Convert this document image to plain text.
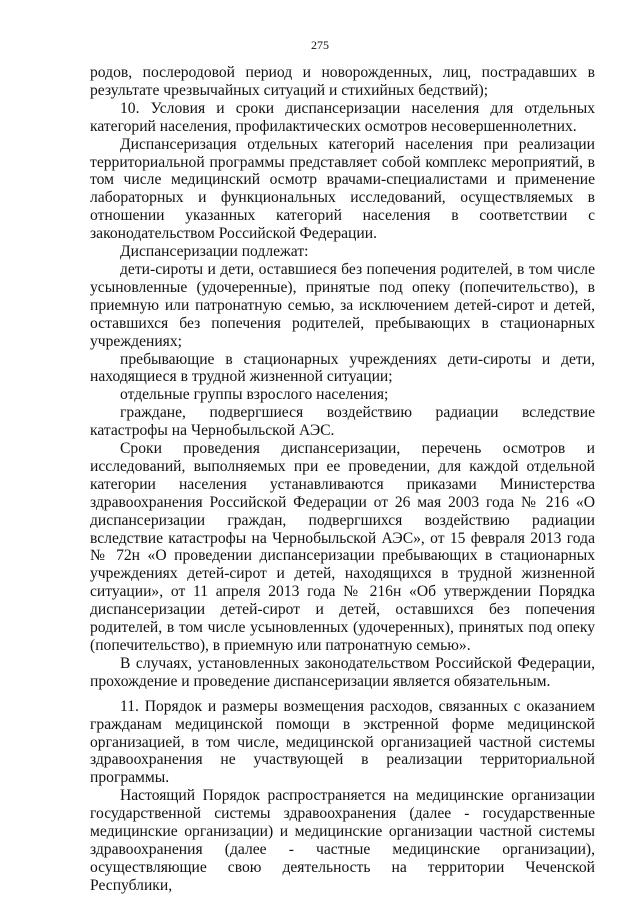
275

родов, послеродовой период и новорожденных, лиц, пострадавших в результате чрезвычайных ситуаций и стихийных бедствий);

10. Условия и сроки диспансеризации населения для отдельных категорий населения, профилактических осмотров несовершеннолетних.

Диспансеризация отдельных категорий населения при реализации территориальной программы представляет собой комплекс мероприятий, в том числе медицинский осмотр врачами-специалистами и применение лабораторных и функциональных исследований, осуществляемых в отношении указанных категорий населения в соответствии с законодательством Российской Федерации.

Диспансеризации подлежат:

дети-сироты и дети, оставшиеся без попечения родителей, в том числе усыновленные (удочеренные), принятые под опеку (попечительство), в приемную или патронатную семью, за исключением детей-сирот и детей, оставшихся без попечения родителей, пребывающих в стационарных учреждениях;

пребывающие в стационарных учреждениях дети-сироты и дети, находящиеся в трудной жизненной ситуации;

отдельные группы взрослого населения;

граждане, подвергшиеся воздействию радиации вследствие катастрофы на Чернобыльской АЭС.

Сроки проведения диспансеризации, перечень осмотров и исследований, выполняемых при ее проведении, для каждой отдельной категории населения устанавливаются приказами Министерства здравоохранения Российской Федерации от 26 мая 2003 года № 216 «О диспансеризации граждан, подвергшихся воздействию радиации вследствие катастрофы на Чернобыльской АЭС», от 15 февраля 2013 года № 72н «О проведении диспансеризации пребывающих в стационарных учреждениях детей-сирот и детей, находящихся в трудной жизненной ситуации», от 11 апреля 2013 года № 216н «Об утверждении Порядка диспансеризации детей-сирот и детей, оставшихся без попечения родителей, в том числе усыновленных (удочеренных), принятых под опеку (попечительство), в приемную или патронатную семью».

В случаях, установленных законодательством Российской Федерации, прохождение и проведение диспансеризации является обязательным.

11. Порядок и размеры возмещения расходов, связанных с оказанием гражданам медицинской помощи в экстренной форме медицинской организацией, в том числе, медицинской организацией частной системы здравоохранения не участвующей в реализации территориальной программы.

Настоящий Порядок распространяется на медицинские организации государственной системы здравоохранения (далее - государственные медицинские организации) и медицинские организации частной системы здравоохранения (далее - частные медицинские организации), осуществляющие свою деятельность на территории Чеченской Республики,
